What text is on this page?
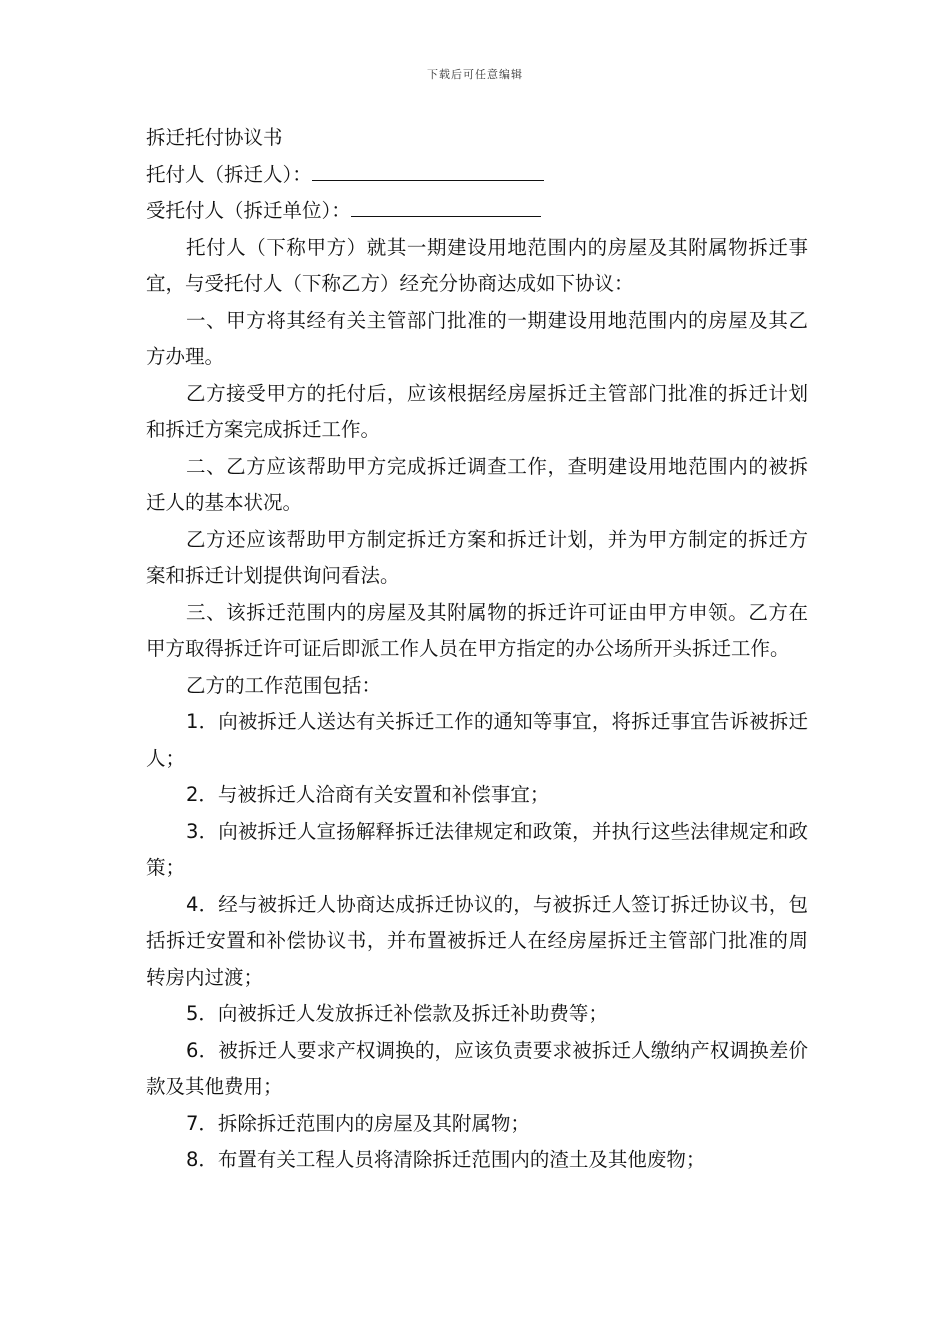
下载后可任意编辑

拆迁托付协议书

托付人（拆迁人）：

受托付人（拆迁单位）：

托付人（下称甲方）就其一期建设用地范围内的房屋及其附属物拆迁事宜，与受托付人（下称乙方）经充分协商达成如下协议：

一、甲方将其经有关主管部门批准的一期建设用地范围内的房屋及其乙方办理。

乙方接受甲方的托付后，应该根据经房屋拆迁主管部门批准的拆迁计划和拆迁方案完成拆迁工作。

二、乙方应该帮助甲方完成拆迁调查工作，查明建设用地范围内的被拆迁人的基本状况。

乙方还应该帮助甲方制定拆迁方案和拆迁计划，并为甲方制定的拆迁方案和拆迁计划提供询问看法。

三、该拆迁范围内的房屋及其附属物的拆迁许可证由甲方申领。乙方在甲方取得拆迁许可证后即派工作人员在甲方指定的办公场所开头拆迁工作。

乙方的工作范围包括：

1．向被拆迁人送达有关拆迁工作的通知等事宜，将拆迁事宜告诉被拆迁人；

2．与被拆迁人洽商有关安置和补偿事宜；

3．向被拆迁人宣扬解释拆迁法律规定和政策，并执行这些法律规定和政策；

4．经与被拆迁人协商达成拆迁协议的，与被拆迁人签订拆迁协议书，包括拆迁安置和补偿协议书，并布置被拆迁人在经房屋拆迁主管部门批准的周转房内过渡；

5．向被拆迁人发放拆迁补偿款及拆迁补助费等；

6．被拆迁人要求产权调换的，应该负责要求被拆迁人缴纳产权调换差价款及其他费用；

7．拆除拆迁范围内的房屋及其附属物；

8．布置有关工程人员将清除拆迁范围内的渣土及其他废物；
